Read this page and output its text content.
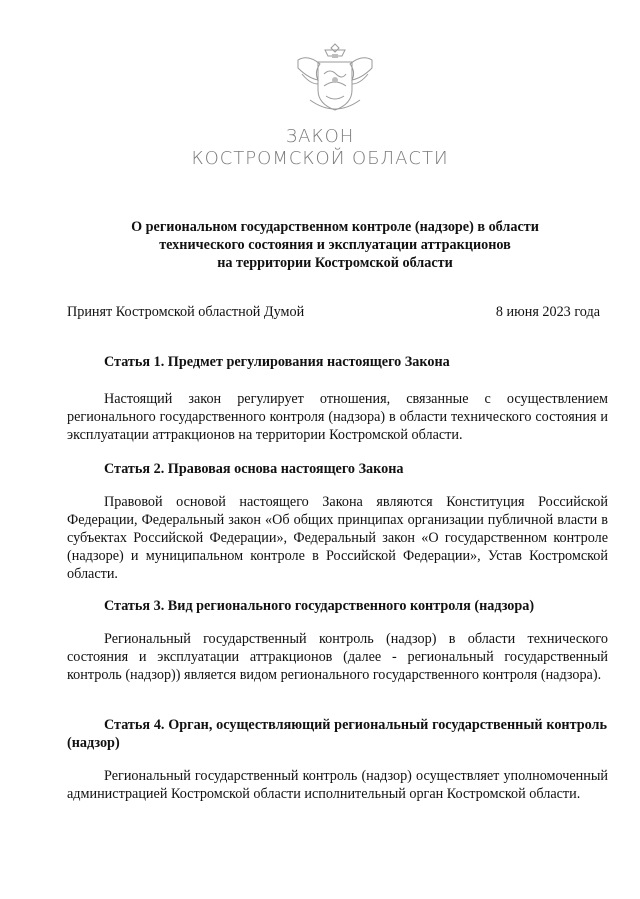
ЗАКОН
КОСТРОМСКОЙ ОБЛАСТИ
О региональном государственном контроле (надзоре) в области
технического состояния и эксплуатации аттракционов
на территории Костромской области
Принят Костромской областной Думой	8 июня 2023 года
Статья 1. Предмет регулирования настоящего Закона
Настоящий закон регулирует отношения, связанные с осуществлением регионального государственного контроля (надзора) в области технического состояния и эксплуатации аттракционов на территории Костромской области.
Статья 2. Правовая основа настоящего Закона
Правовой основой настоящего Закона являются Конституция Российской Федерации, Федеральный закон «Об общих принципах организации публичной власти в субъектах Российской Федерации», Федеральный закон «О государственном контроле (надзоре) и муниципальном контроле в Российской Федерации», Устав Костромской области.
Статья 3. Вид регионального государственного контроля (надзора)
Региональный государственный контроль (надзор) в области технического состояния и эксплуатации аттракционов (далее - региональный государственный контроль (надзор)) является видом регионального государственного контроля (надзора).
Статья 4. Орган, осуществляющий региональный государственный контроль (надзор)
Региональный государственный контроль (надзор) осуществляет уполномоченный администрацией Костромской области исполнительный орган Костромской области.
